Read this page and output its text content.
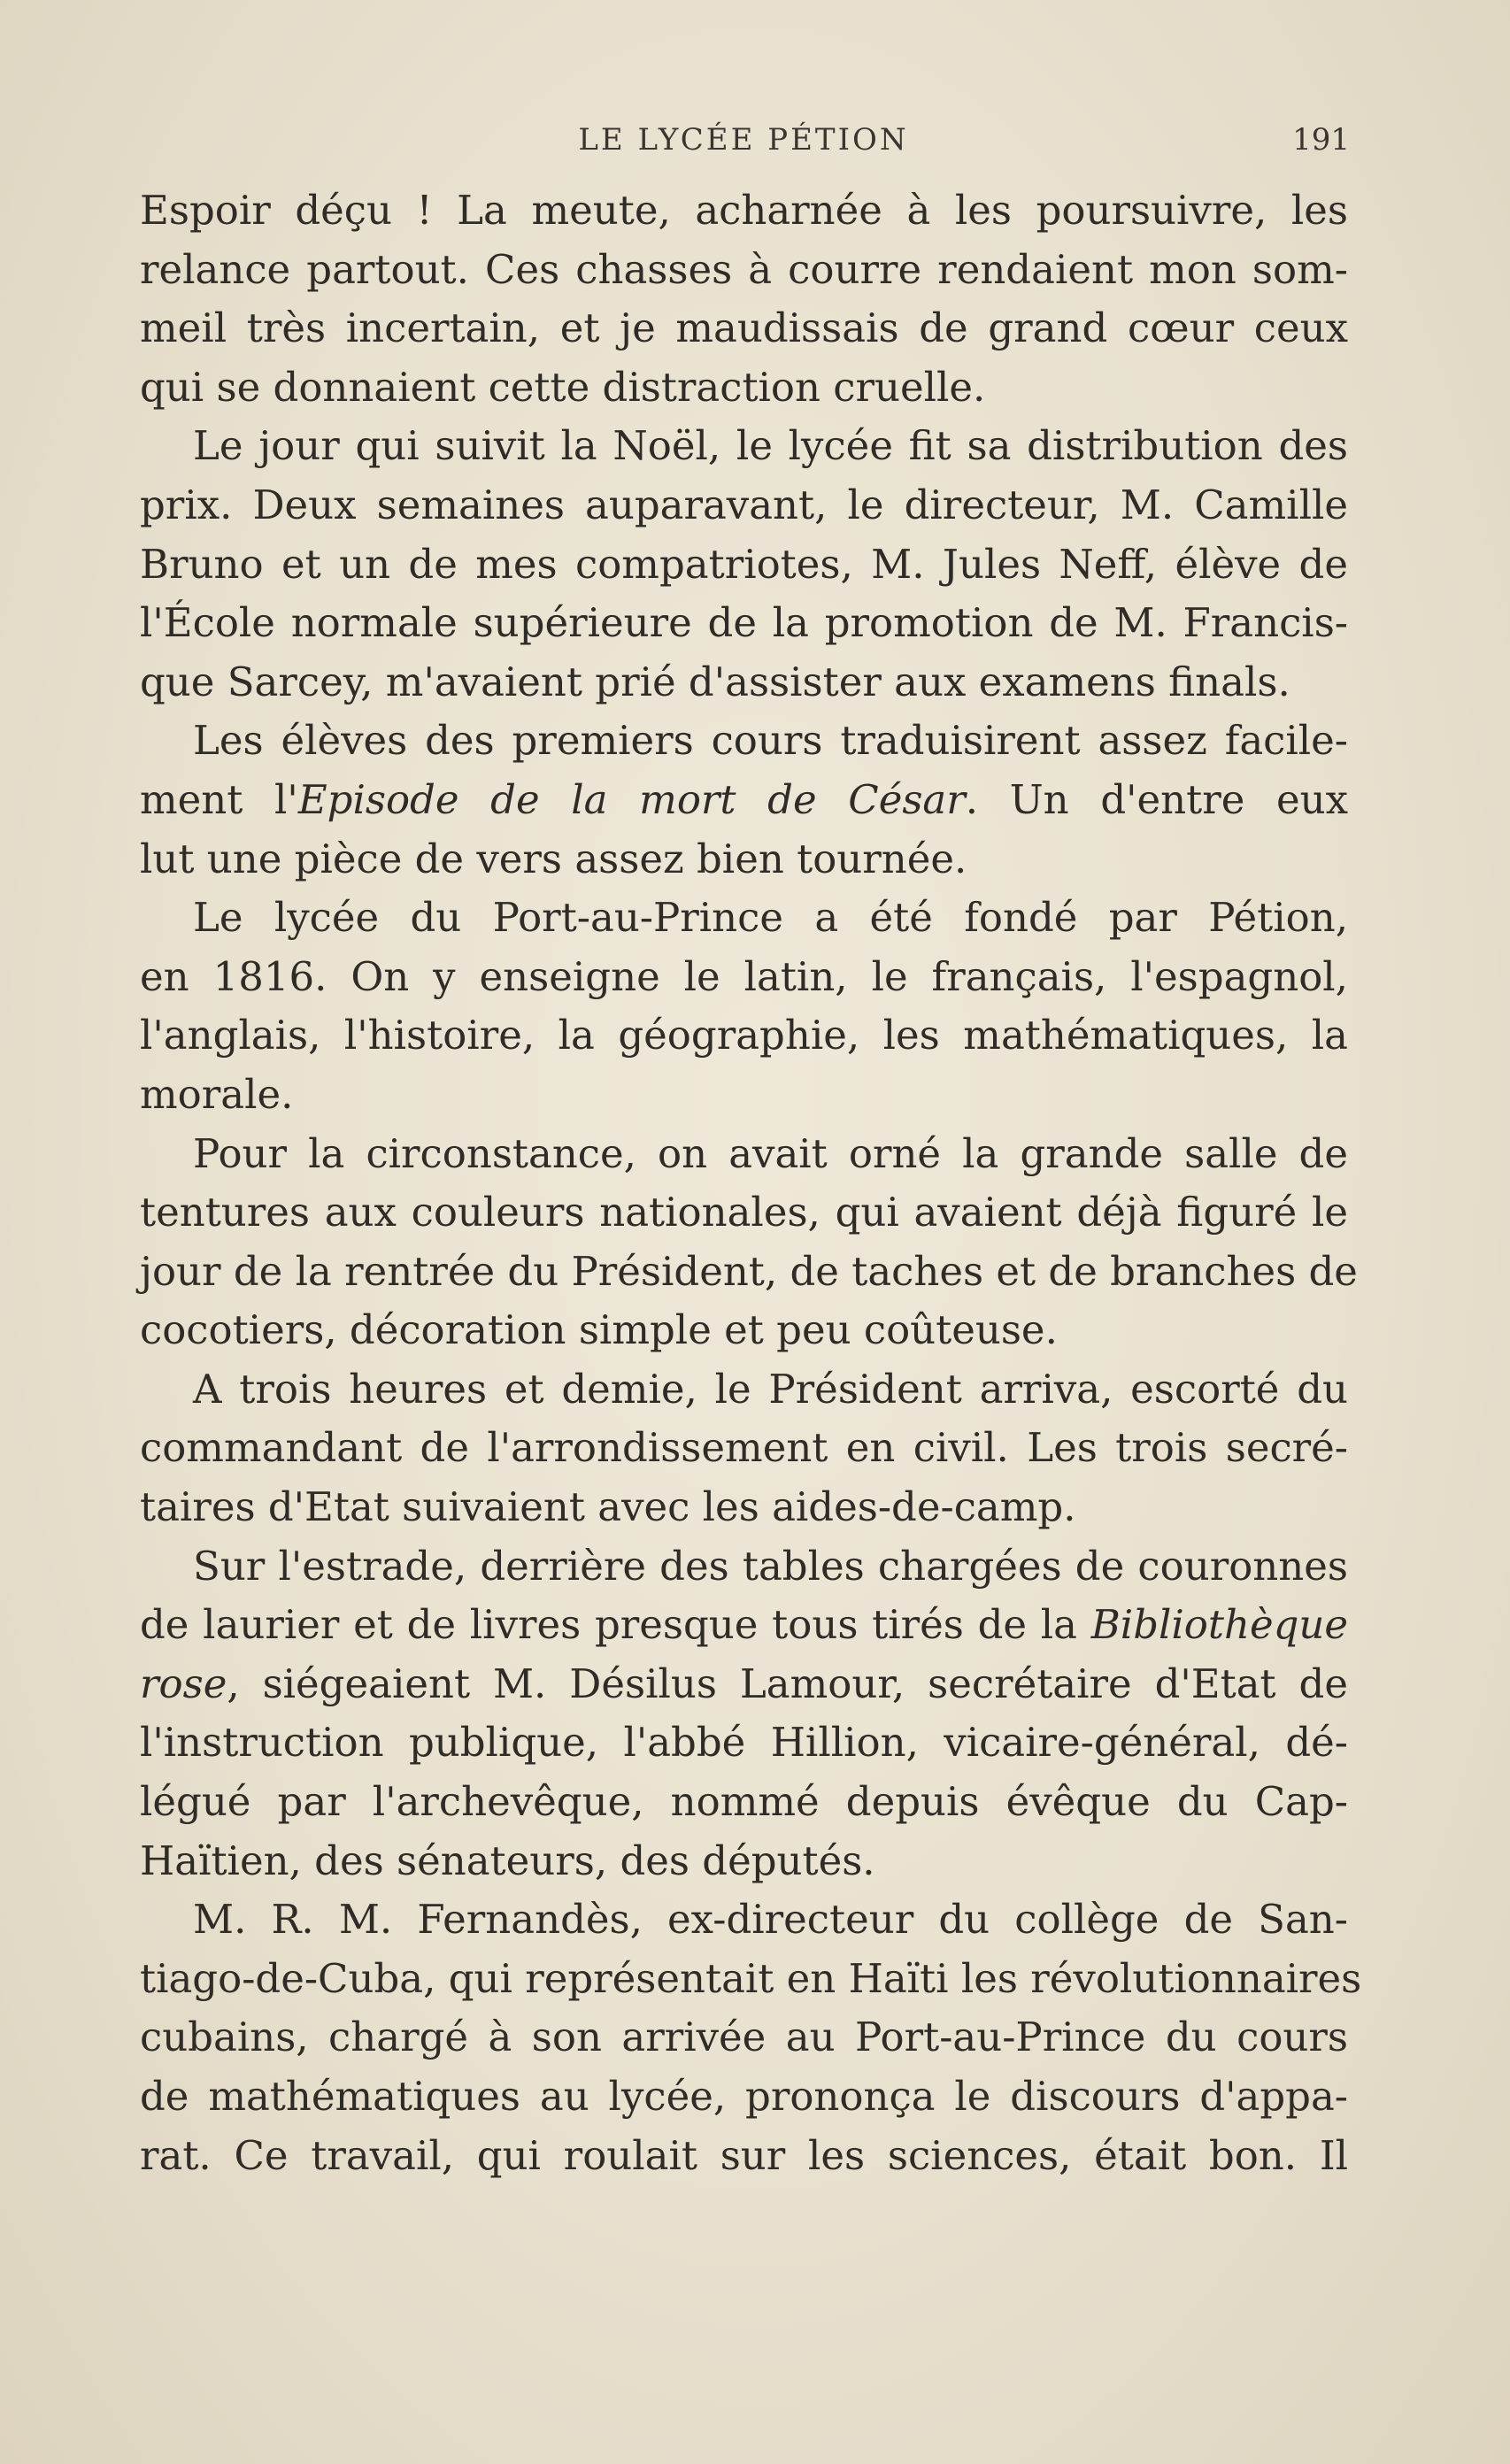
LE LYCÉE PÉTION	191
Espoir déçu ! La meute, acharnée à les poursuivre, les
relance partout. Ces chasses à courre rendaient mon som-
meil très incertain, et je maudissais de grand cœur ceux
qui se donnaient cette distraction cruelle.
Le jour qui suivit la Noël, le lycée fit sa distribution des
prix. Deux semaines auparavant, le directeur, M. Camille
Bruno et un de mes compatriotes, M. Jules Neff, élève de
l'École normale supérieure de la promotion de M. Francis-
que Sarcey, m'avaient prié d'assister aux examens finals.
Les élèves des premiers cours traduisirent assez facile-
ment l'Episode de la mort de César. Un d'entre eux
lut une pièce de vers assez bien tournée.
Le lycée du Port-au-Prince a été fondé par Pétion,
en 1816. On y enseigne le latin, le français, l'espagnol,
l'anglais, l'histoire, la géographie, les mathématiques, la
morale.
Pour la circonstance, on avait orné la grande salle de
tentures aux couleurs nationales, qui avaient déjà figuré le
jour de la rentrée du Président, de taches et de branches de
cocotiers, décoration simple et peu coûteuse.
A trois heures et demie, le Président arriva, escorté du
commandant de l'arrondissement en civil. Les trois secré-
taires d'Etat suivaient avec les aides-de-camp.
Sur l'estrade, derrière des tables chargées de couronnes
de laurier et de livres presque tous tirés de la Bibliothèque
rose, siégeaient M. Désilus Lamour, secrétaire d'Etat de
l'instruction publique, l'abbé Hillion, vicaire-général, dé-
légué par l'archevêque, nommé depuis évêque du Cap-
Haïtien, des sénateurs, des députés.
M. R. M. Fernandès, ex-directeur du collège de San-
tiago-de-Cuba, qui représentait en Haïti les révolutionnaires
cubains, chargé à son arrivée au Port-au-Prince du cours
de mathématiques au lycée, prononça le discours d'appa-
rat. Ce travail, qui roulait sur les sciences, était bon. Il
